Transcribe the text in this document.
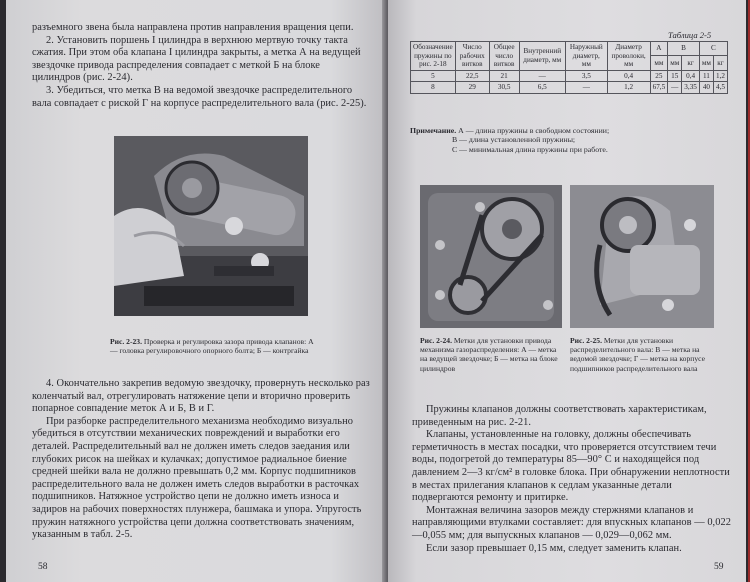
разъемного звена была направлена против направления вращения цепи.

2. Установить поршень I цилиндра в верхнюю мертвую точку такта сжатия. При этом оба клапана I цилиндра закрыты, а метка А на ведущей звездочке привода распределения совпадает с меткой Б на блоке цилиндров (рис. 2-24).

3. Убедиться, что метка В на ведомой звездочке распределительного вала совпадает с риской Г на корпусе распределительного вала (рис. 2-25).

Рис. 2-23. Проверка и регулировка зазора привода клапанов: А — головка регулировочного опорного болта; Б — контргайка

4. Окончательно закрепив ведомую звездочку, провернуть несколько раз коленчатый вал, отрегулировать натяжение цепи и вторично проверить попарное совпадение меток А и Б, В и Г.

При разборке распределительного механизма необходимо визуально убедиться в отсутствии механических повреждений и выработки его деталей. Распределительный вал не должен иметь следов заедания или глубоких рисок на шейках и кулачках; допустимое радиальное биение средней шейки вала не должно превышать 0,2 мм. Корпус подшипников распределительного вала не должен иметь следов выработки в расточках подшипников. Натяжное устройство цепи не должно иметь износа и задиров на рабочих поверхностях плунжера, башмака и упора. Упругость пружин натяжного устройства цепи должна соответствовать значениям, указанным в табл. 2-5.

58
Таблица 2-5
Обозначение пружины по рис. 2-18	Число рабочих витков	Общее число витков	Внутренний диаметр, мм	Наружный диаметр, мм	Диаметр проволоки, мм	А	В		С	
						мм	мм	кг	мм	кг
5	22,5	21	—	3,5	0,4	25	15	0,4	11	1,2
8	29	30,5	6,5	—	1,2	67,5	—	3,35	40	4,5
Примечание. А — длина пружины в свободном состоянии;
В — длина установленной пружины;
С — минимальная длина пружины при работе.
Рис. 2-24. Метки для установки привода механизма газораспределения: А — метка на ведущей звездочке; Б — метка на блоке цилиндров
Рис. 2-25. Метки для установки распределительного вала: В — метка на ведомой звездочке; Г — метка на корпусе подшипников распределительного вала

Пружины клапанов должны соответствовать характеристикам, приведенным на рис. 2-21.

Клапаны, установленные на головку, должны обеспечивать герметичность в местах посадки, что проверяется отсутствием течи воды, подогретой до температуры 85—90° С и находящейся под давлением 2—3 кг/см² в головке блока. При обнаружении неплотности в местах прилегания клапанов к седлам указанные детали подвергаются ремонту и притирке.

Монтажная величина зазоров между стержнями клапанов и направляющими втулками составляет: для впускных клапанов — 0,022—0,055 мм; для выпускных клапанов — 0,029—0,062 мм.

Если зазор превышает 0,15 мм, следует заменить клапан.

59
